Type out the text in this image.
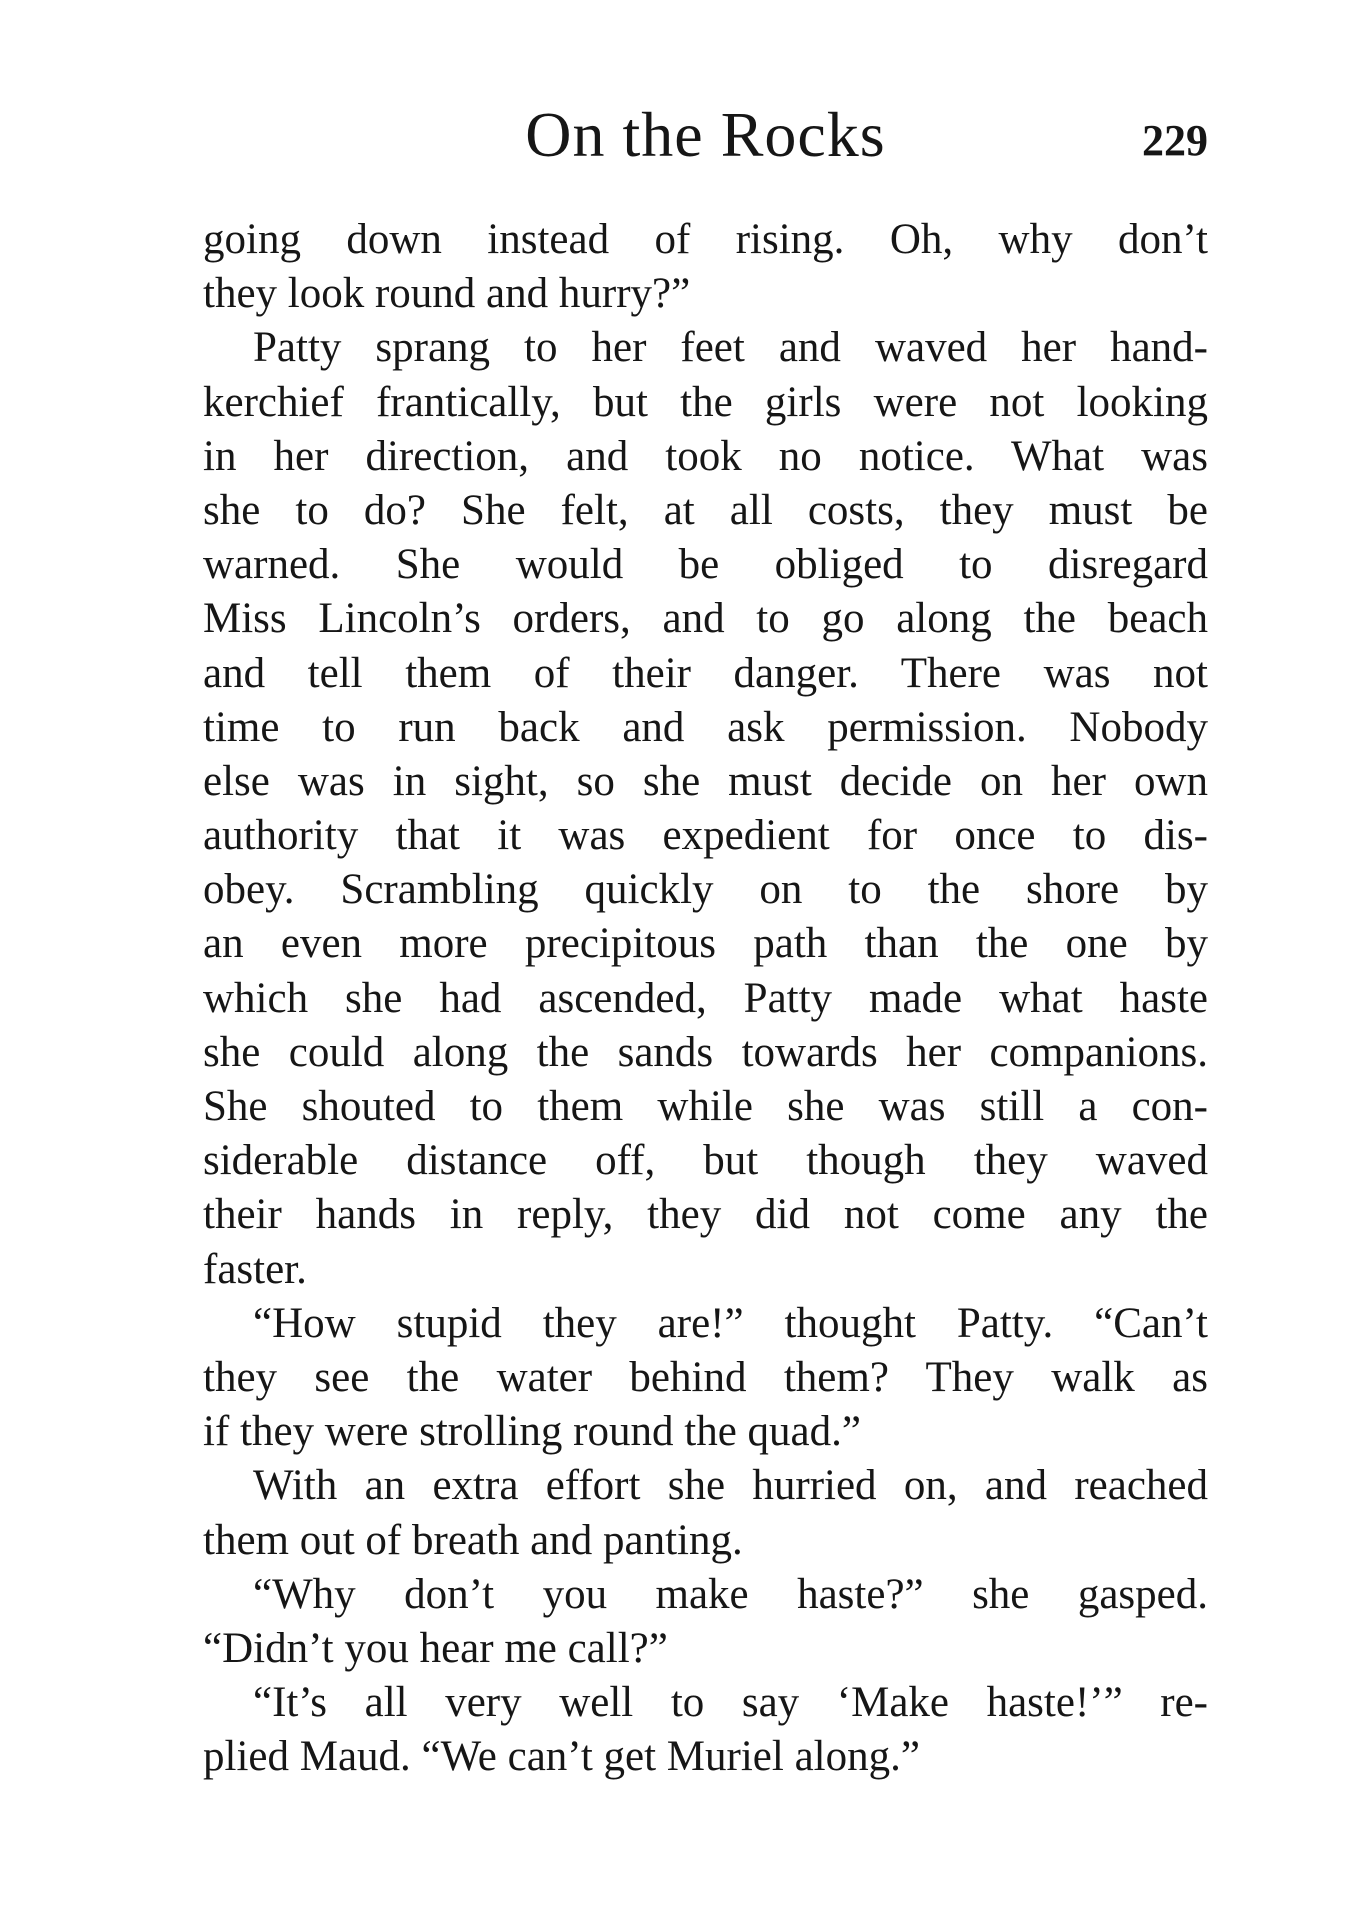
On the Rocks	229
going down instead of rising. Oh, why don’t
they look round and hurry?”
Patty sprang to her feet and waved her hand-
kerchief frantically, but the girls were not looking
in her direction, and took no notice. What was
she to do? She felt, at all costs, they must be
warned. She would be obliged to disregard
Miss Lincoln’s orders, and to go along the beach
and tell them of their danger. There was not
time to run back and ask permission. Nobody
else was in sight, so she must decide on her own
authority that it was expedient for once to dis-
obey. Scrambling quickly on to the shore by
an even more precipitous path than the one by
which she had ascended, Patty made what haste
she could along the sands towards her companions.
She shouted to them while she was still a con-
siderable distance off, but though they waved
their hands in reply, they did not come any the
faster.
“How stupid they are!” thought Patty. “Can’t
they see the water behind them? They walk as
if they were strolling round the quad.”
With an extra effort she hurried on, and reached
them out of breath and panting.
“Why don’t you make haste?” she gasped.
“Didn’t you hear me call?”
“It’s all very well to say ‘Make haste!’” re-
plied Maud. “We can’t get Muriel along.”
